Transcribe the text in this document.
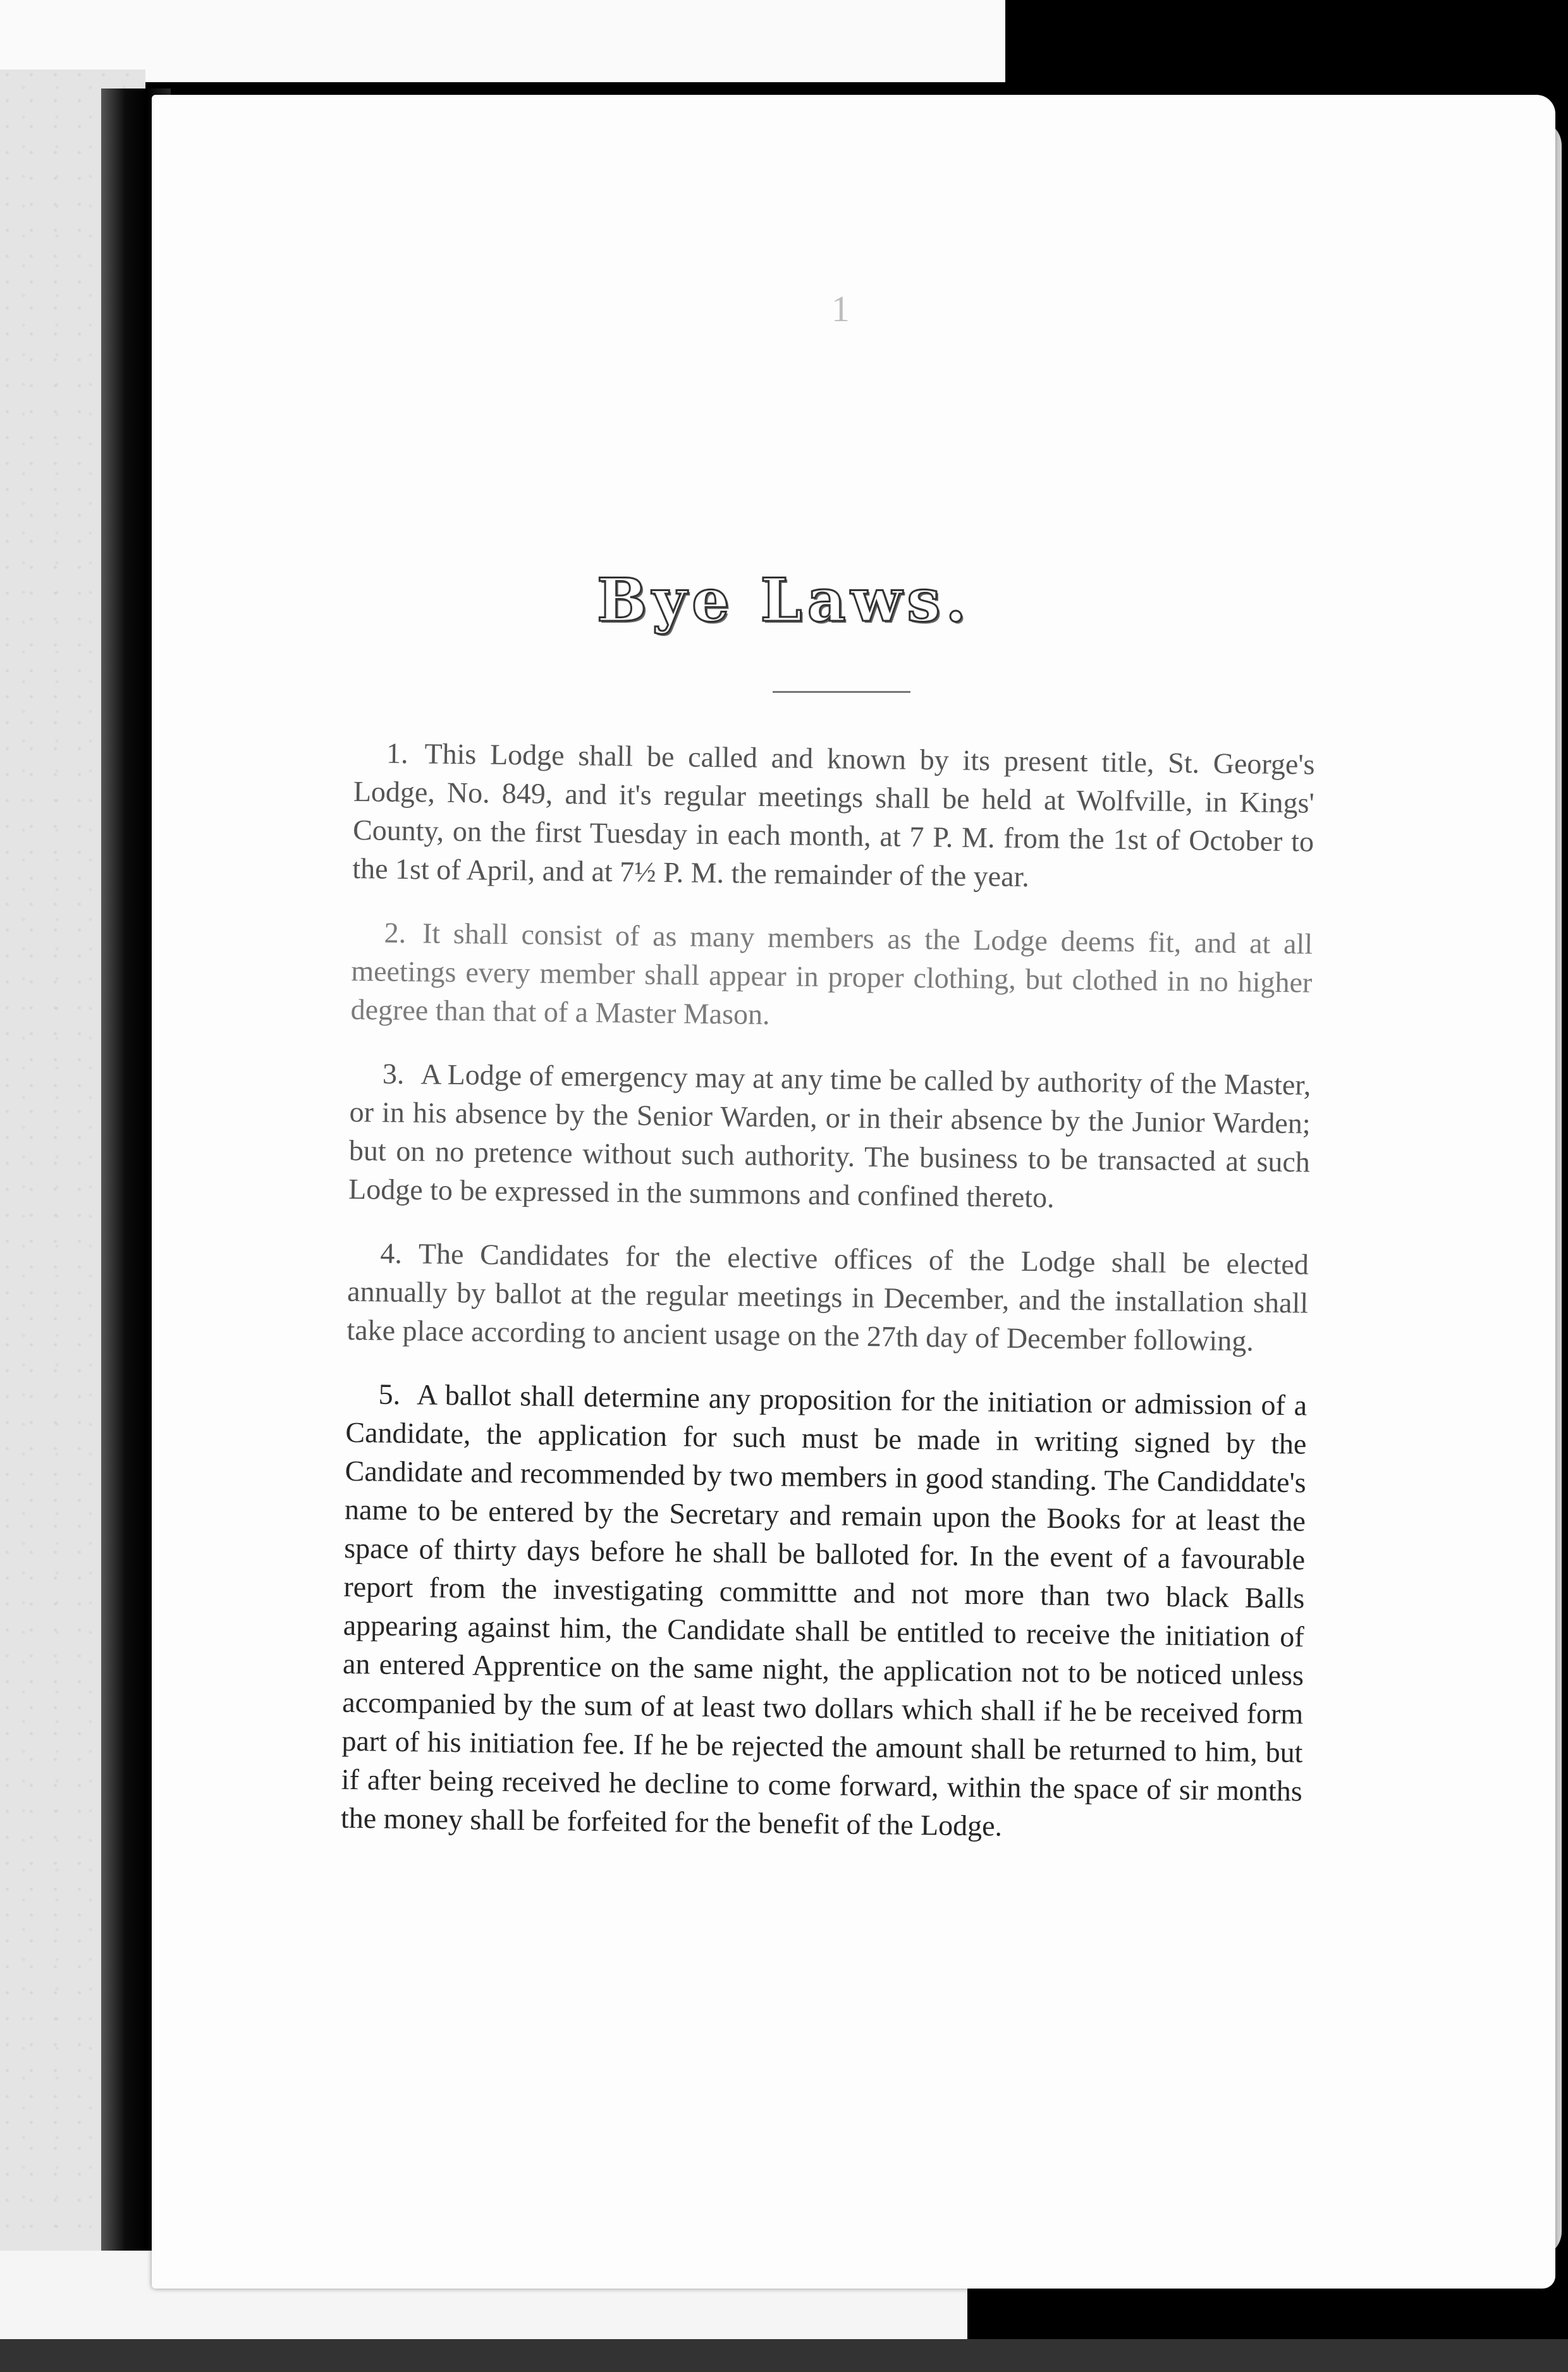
1

Bye Laws.

1. This Lodge shall be called and known by its present title, St. George's Lodge, No. 849, and it's regular meetings shall be held at Wolfville, in Kings' County, on the first Tuesday in each month, at 7 P. M. from the 1st of October to the 1st of April, and at 7½ P. M. the remainder of the year.

2. It shall consist of as many members as the Lodge deems fit, and at all meetings every member shall appear in proper clothing, but clothed in no higher degree than that of a Master Mason.

3. A Lodge of emergency may at any time be called by authority of the Master, or in his absence by the Senior Warden, or in their absence by the Junior Warden; but on no pretence without such authority. The business to be transacted at such Lodge to be expressed in the summons and confined thereto.

4. The Candidates for the elective offices of the Lodge shall be elected annually by ballot at the regular meetings in December, and the installation shall take place according to ancient usage on the 27th day of December following.

5. A ballot shall determine any proposition for the initiation or admission of a Candidate, the application for such must be made in writing signed by the Candidate and recommended by two members in good standing. The Candiddate's name to be entered by the Secretary and remain upon the Books for at least the space of thirty days before he shall be balloted for. In the event of a favourable report from the investigating committte and not more than two black Balls appearing against him, the Candidate shall be entitled to receive the initiation of an entered Apprentice on the same night, the application not to be noticed unless accompanied by the sum of at least two dollars which shall if he be received form part of his initiation fee. If he be rejected the amount shall be returned to him, but if after being received he decline to come forward, within the space of sir months the money shall be forfeited for the benefit of the Lodge.
